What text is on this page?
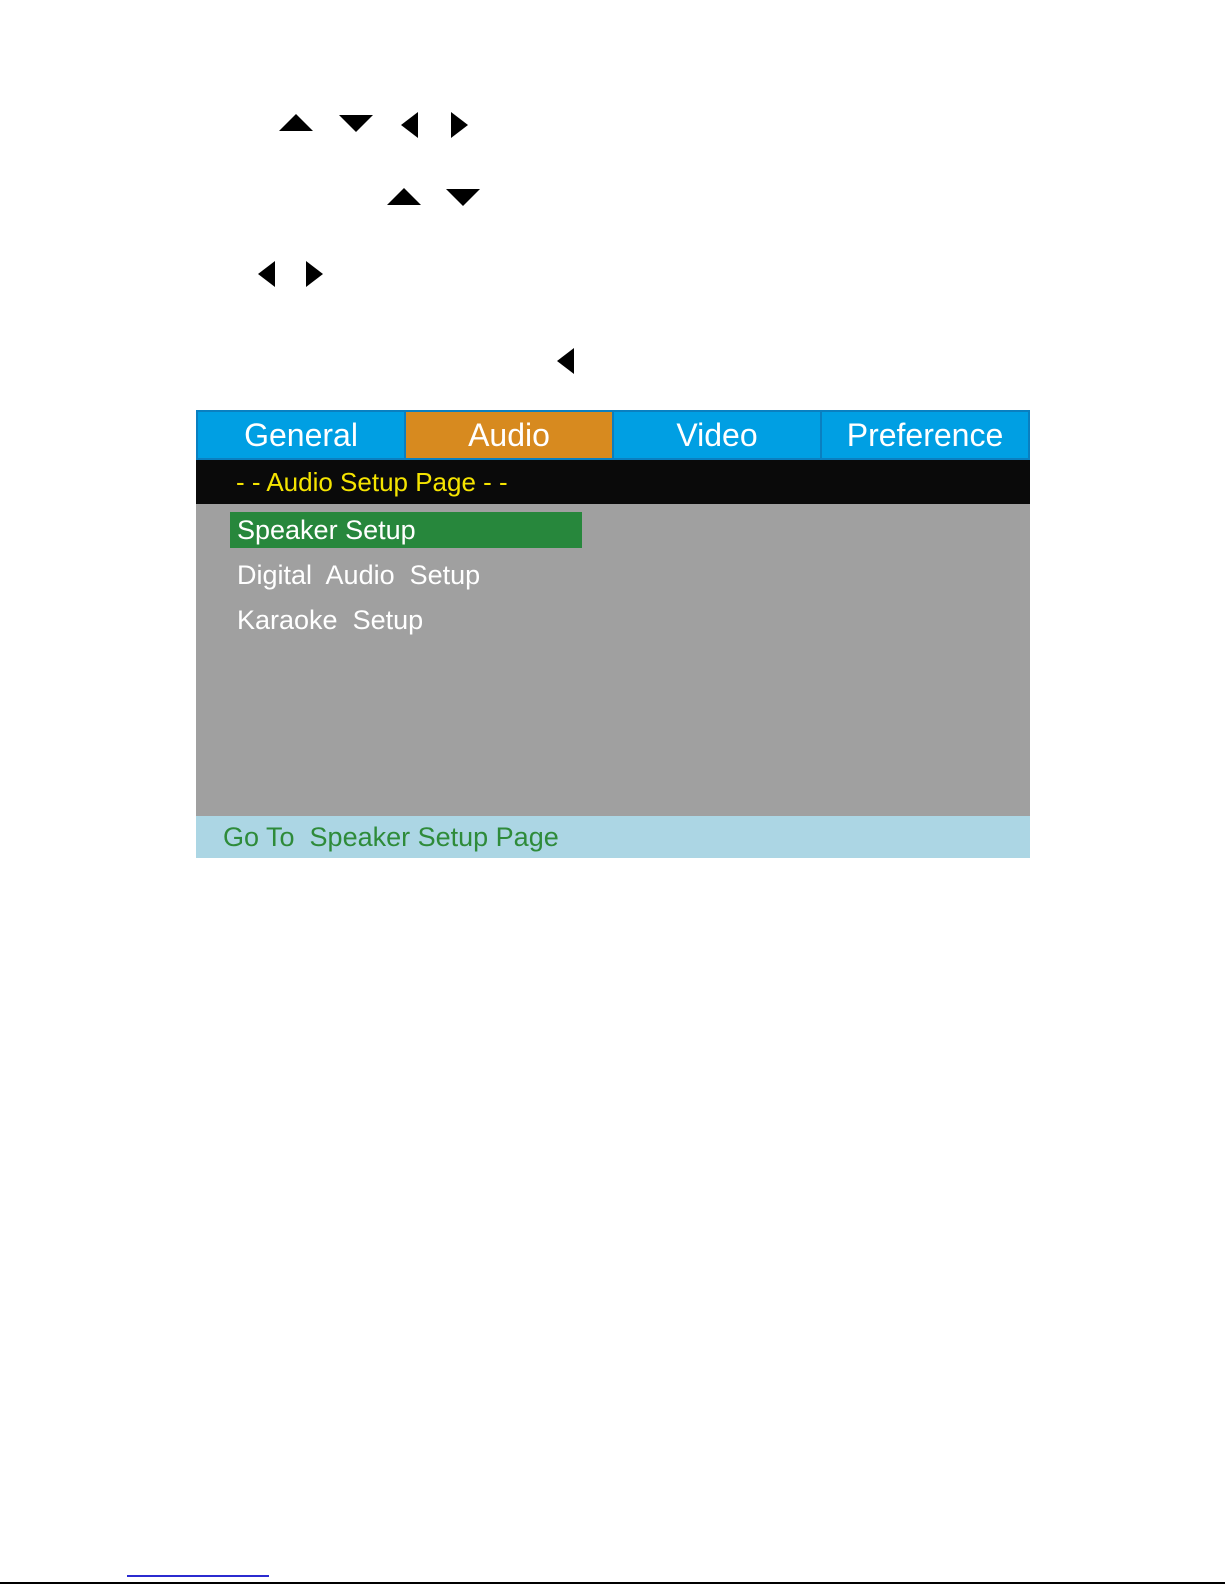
General	Audio	Video	Preference
- - Audio Setup Page - -
Speaker Setup
Digital  Audio  Setup
Karaoke  Setup
Go To  Speaker Setup Page
